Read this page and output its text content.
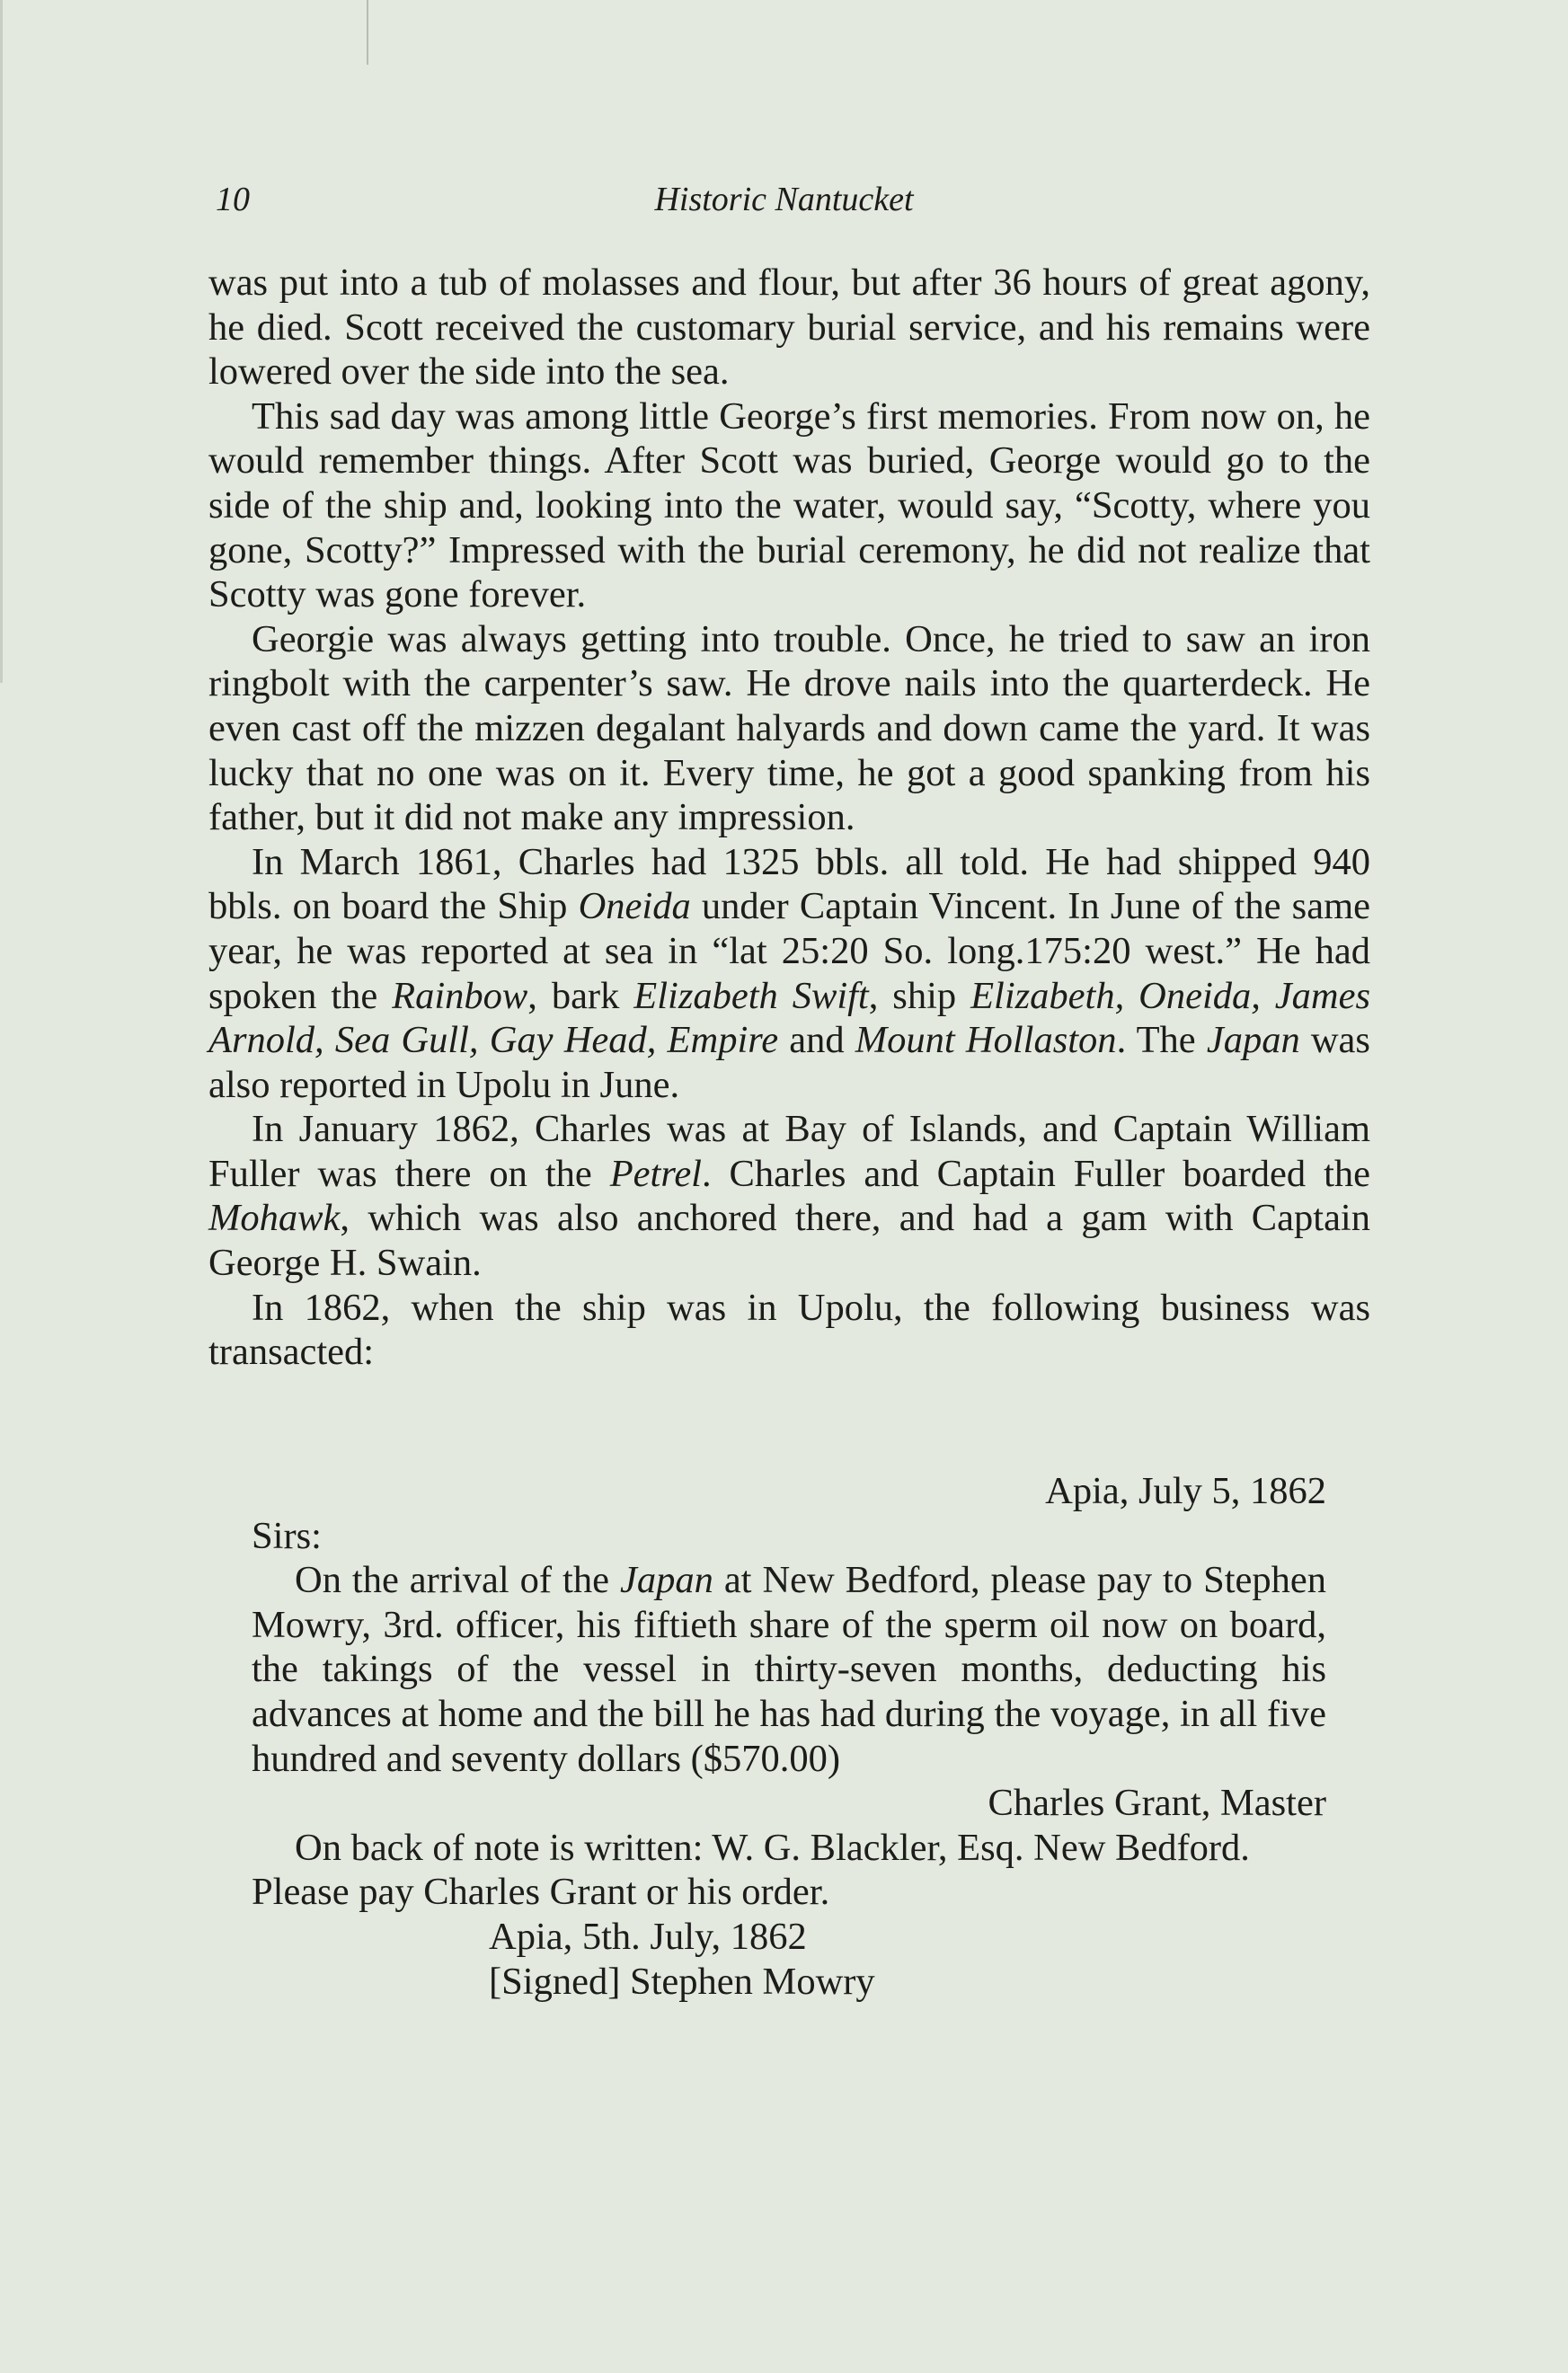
Historic Nantucket
10

was put into a tub of molasses and flour, but after 36 hours of great agony, he died. Scott received the customary burial service, and his remains were lowered over the side into the sea.

This sad day was among little George’s first memories. From now on, he would remember things. After Scott was buried, George would go to the side of the ship and, looking into the water, would say, “Scotty, where you gone, Scotty?” Impressed with the burial ceremony, he did not realize that Scotty was gone forever.

Georgie was always getting into trouble. Once, he tried to saw an iron ringbolt with the carpenter’s saw. He drove nails into the quarterdeck. He even cast off the mizzen degalant halyards and down came the yard. It was lucky that no one was on it. Every time, he got a good spanking from his father, but it did not make any impression.

In March 1861, Charles had 1325 bbls. all told. He had shipped 940 bbls. on board the Ship Oneida under Captain Vincent. In June of the same year, he was reported at sea in “lat 25:20 So. long.175:20 west.” He had spoken the Rainbow, bark Elizabeth Swift, ship Elizabeth, Oneida, James Arnold, Sea Gull, Gay Head, Empire and Mount Hollaston. The Japan was also reported in Upolu in June.

In January 1862, Charles was at Bay of Islands, and Captain William Fuller was there on the Petrel. Charles and Captain Fuller boarded the Mohawk, which was also anchored there, and had a gam with Captain George H. Swain.

In 1862, when the ship was in Upolu, the following business was transacted:

Apia, July 5, 1862

Sirs:

On the arrival of the Japan at New Bedford, please pay to Stephen Mowry, 3rd. officer, his fiftieth share of the sperm oil now on board, the takings of the vessel in thirty-seven months, deducting his advances at home and the bill he has had during the voyage, in all five hundred and seventy dollars ($570.00)

Charles Grant, Master

On back of note is written: W. G. Blackler, Esq. New Bedford.
Please pay Charles Grant or his order.

Apia, 5th. July, 1862

[Signed] Stephen Mowry
